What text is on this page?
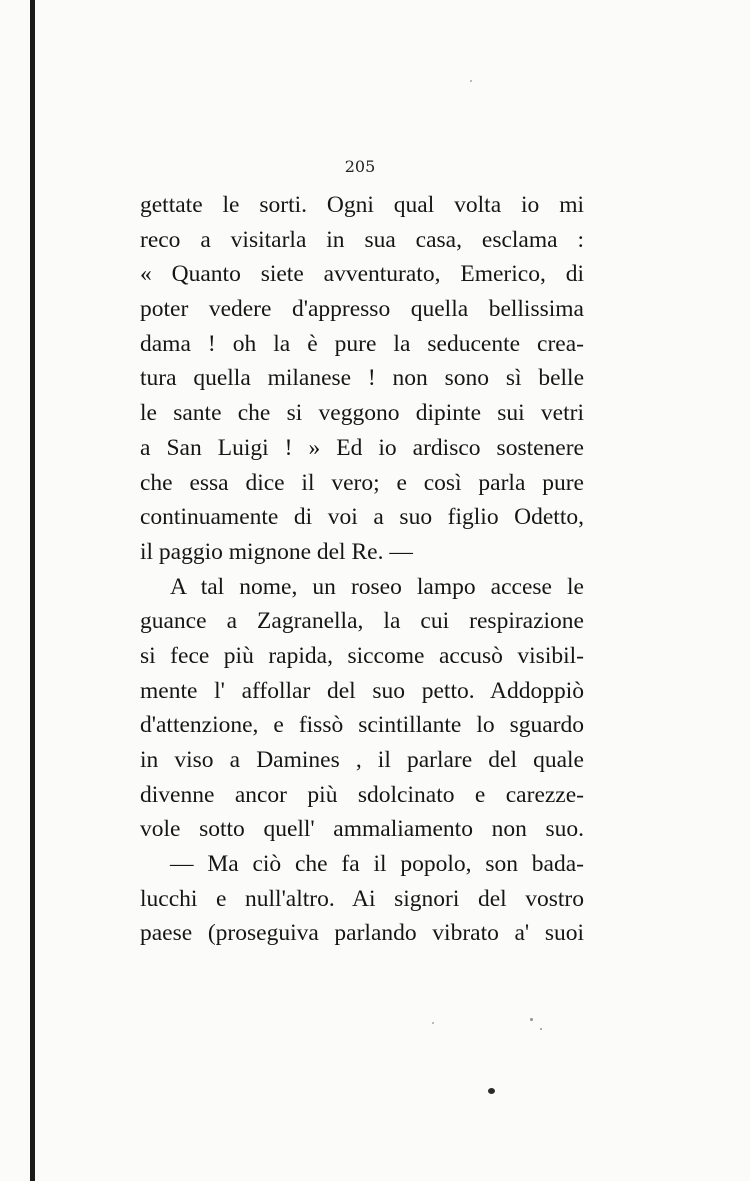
205
gettate le sorti. Ogni qual volta io mi
reco a visitarla in sua casa, esclama :
« Quanto siete avventurato, Emerico, di
poter vedere d'appresso quella bellissima
dama ! oh la è pure la seducente crea-
tura quella milanese ! non sono sì belle
le sante che si veggono dipinte sui vetri
a San Luigi ! » Ed io ardisco sostenere
che essa dice il vero; e così parla pure
continuamente di voi a suo figlio Odetto,
il paggio mignone del Re. —
A tal nome, un roseo lampo accese le
guance a Zagranella, la cui respirazione
si fece più rapida, siccome accusò visibil-
mente l' affollar del suo petto. Addoppiò
d'attenzione, e fissò scintillante lo sguardo
in viso a Damines , il parlare del quale
divenne ancor più sdolcinato e carezze-
vole sotto quell' ammaliamento non suo.
— Ma ciò che fa il popolo, son bada-
lucchi e null'altro. Ai signori del vostro
paese (proseguiva parlando vibrato a' suoi
